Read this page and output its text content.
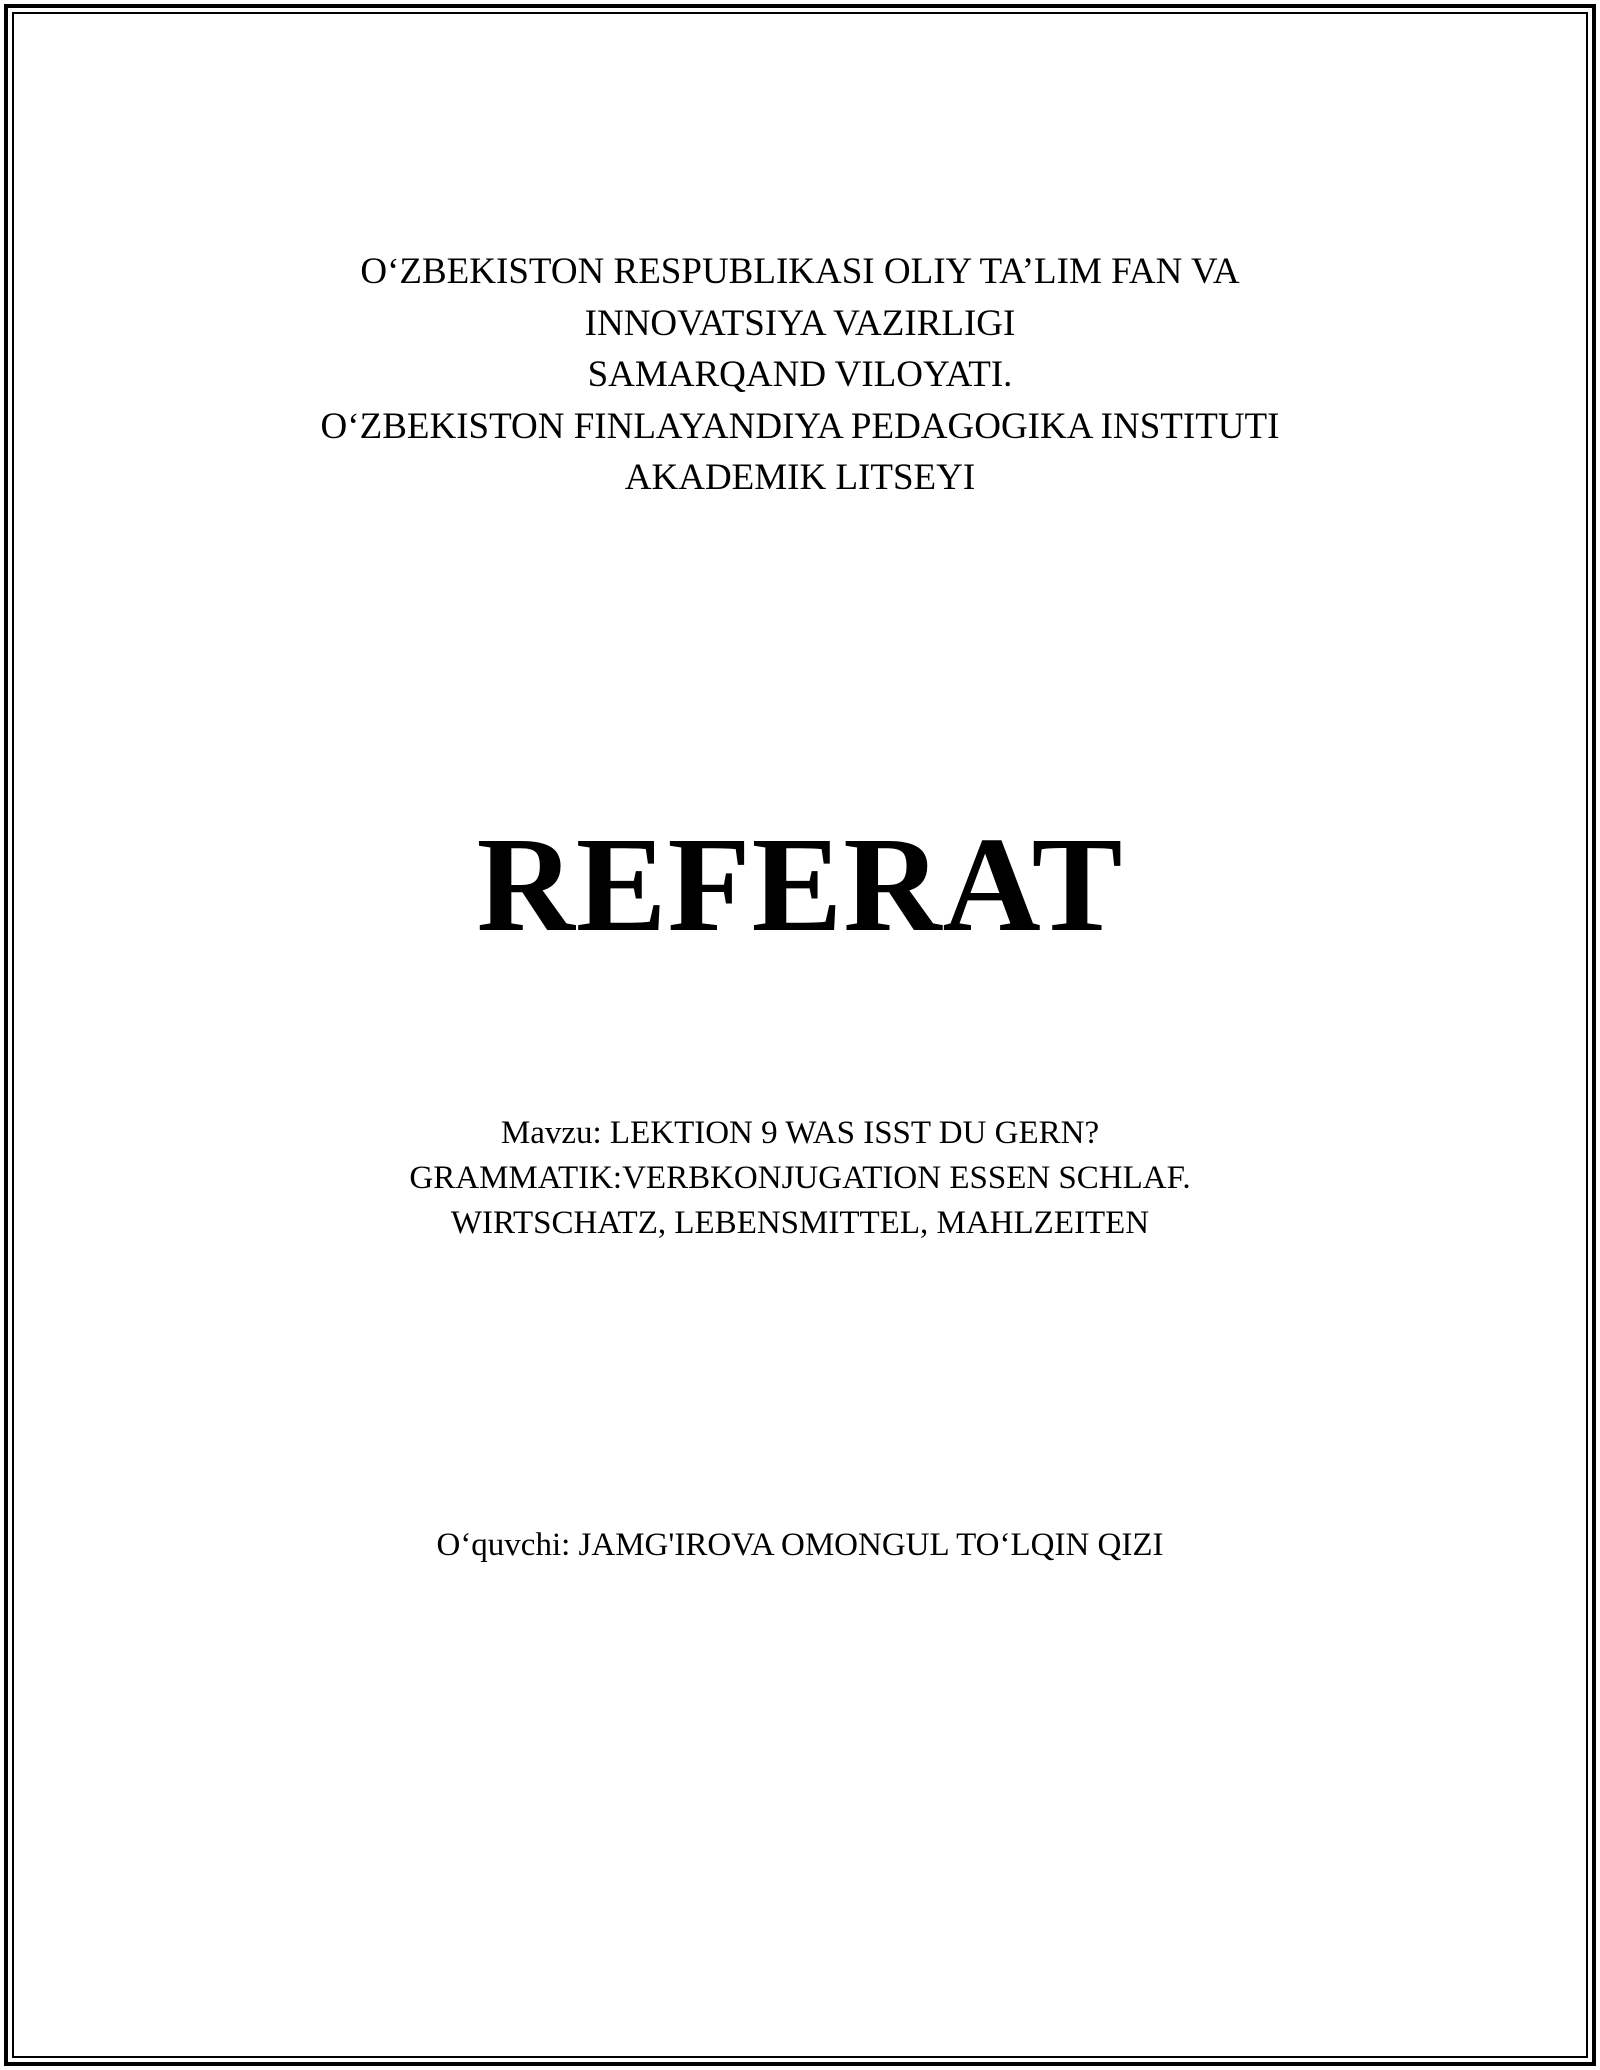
O‘ZBEKISTON RESPUBLIKASI OLIY TA’LIM FAN VA
INNOVATSIYA VAZIRLIGI
SAMARQAND VILOYATI.
O‘ZBEKISTON FINLAYANDIYA PEDAGOGIKA INSTITUTI
AKADEMIK LITSEYI
REFERAT
Mavzu: LEKTION 9 WAS ISST DU GERN?
GRAMMATIK:VERBKONJUGATION ESSEN SCHLAF.
WIRTSCHATZ, LEBENSMITTEL, MAHLZEITEN
O‘quvchi: JAMG'IROVA OMONGUL TO‘LQIN QIZI
